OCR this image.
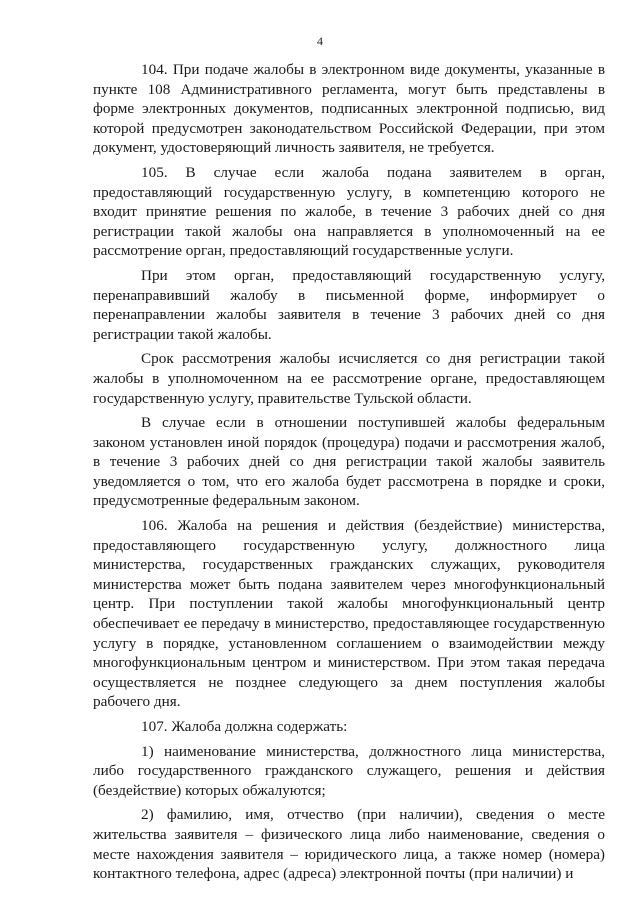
4

104. При подаче жалобы в электронном виде документы, указанные в пункте 108 Административного регламента, могут быть представлены в форме электронных документов, подписанных электронной подписью, вид которой предусмотрен законодательством Российской Федерации, при этом документ, удостоверяющий личность заявителя, не требуется.

105. В случае если жалоба подана заявителем в орган, предоставляющий государственную услугу, в компетенцию которого не входит принятие решения по жалобе, в течение 3 рабочих дней со дня регистрации такой жалобы она направляется в уполномоченный на ее рассмотрение орган, предоставляющий государственные услуги.

При этом орган, предоставляющий государственную услугу, перенаправивший жалобу в письменной форме, информирует о перенаправлении жалобы заявителя в течение 3 рабочих дней со дня регистрации такой жалобы.

Срок рассмотрения жалобы исчисляется со дня регистрации такой жалобы в уполномоченном на ее рассмотрение органе, предоставляющем государственную услугу, правительстве Тульской области.

В случае если в отношении поступившей жалобы федеральным законом установлен иной порядок (процедура) подачи и рассмотрения жалоб, в течение 3 рабочих дней со дня регистрации такой жалобы заявитель уведомляется о том, что его жалоба будет рассмотрена в порядке и сроки, предусмотренные федеральным законом.

106. Жалоба на решения и действия (бездействие) министерства, предоставляющего государственную услугу, должностного лица министерства, государственных гражданских служащих, руководителя министерства может быть подана заявителем через многофункциональный центр. При поступлении такой жалобы многофункциональный центр обеспечивает ее передачу в министерство, предоставляющее государственную услугу в порядке, установленном соглашением о взаимодействии между многофункциональным центром и министерством. При этом такая передача осуществляется не позднее следующего за днем поступления жалобы рабочего дня.

107. Жалоба должна содержать:

1) наименование министерства, должностного лица министерства, либо государственного гражданского служащего, решения и действия (бездействие) которых обжалуются;

2) фамилию, имя, отчество (при наличии), сведения о месте жительства заявителя – физического лица либо наименование, сведения о месте нахождения заявителя – юридического лица, а также номер (номера) контактного телефона, адрес (адреса) электронной почты (при наличии) и
